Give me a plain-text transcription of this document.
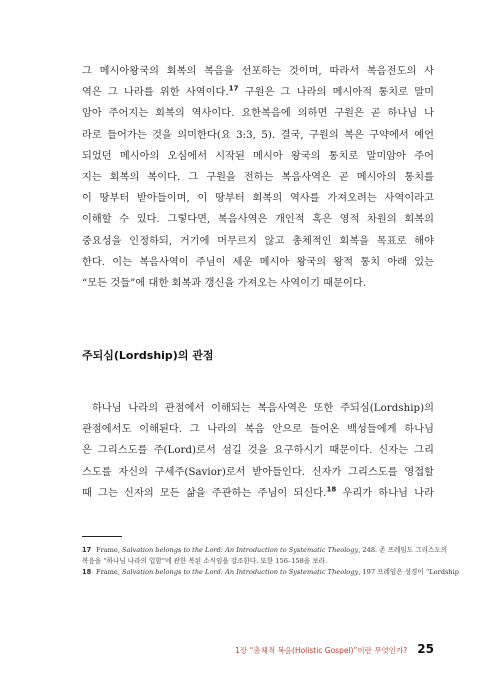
그 메시아왕국의 회복의 복음을 선포하는 것이며, 따라서 복음전도의 사
역은 그 나라를 위한 사역이다.$^{17}$ 구원은 그 나라의 메시아적 통치로 말미
암아 주어지는 회복의 역사이다. 요한복음에 의하면 구원은 곧 하나님 나
라로 들어가는 것을 의미한다(요 3:3, 5). 결국, 구원의 복은 구약에서 예언
되었던 메시아의 오심에서 시작된 메시아 왕국의 통치로 말미암아 주어
지는 회복의 복이다. 그 구원을 전하는 복음사역은 곧 메시아의 통치를
이 땅부터 받아들이며, 이 땅부터 회복의 역사를 가져오려는 사역이라고
이해할 수 있다. 그렇다면, 복음사역은 개인적 혹은 영적 차원의 회복의
중요성을 인정하되, 거기에 머무르지 않고 총체적인 회복을 목표로 해야
한다. 이는 복음사역이 주님이 세운 메시아 왕국의 왕적 통치 아래 있는
“모든 것들”에 대한 회복과 갱신을 가져오는 사역이기 때문이다.
주되심(Lordship)의 관점
하나님 나라의 관점에서 이해되는 복음사역은 또한 주되심(Lordship)의
관점에서도 이해된다. 그 나라의 복음 안으로 들어온 백성들에게 하나님
은 그리스도를 주(Lord)로서 섬길 것을 요구하시기 때문이다. 신자는 그리
스도를 자신의 구세주(Savior)로서 받아들인다. 신자가 그리스도를 영접할
때 그는 신자의 모든 삶을 주관하는 주님이 되신다.$^{18}$ 우리가 하나님 나라
17 Frame, Salvation belongs to the Lord: An Introduction to Systematic Theology, 248. 존 프레임도 그리스도의
복음을 “하나님 나라의 입함”에 관한 복된 소식임을 강조한다. 또한 156–158을 보라.
18 Frame, Salvation belongs to the Lord: An Introduction to Systematic Theology, 197 프레임은 성경이 “Lordship
1장 “총체적 복음(Holistic Gospel)”이란 무엇인가? 25
